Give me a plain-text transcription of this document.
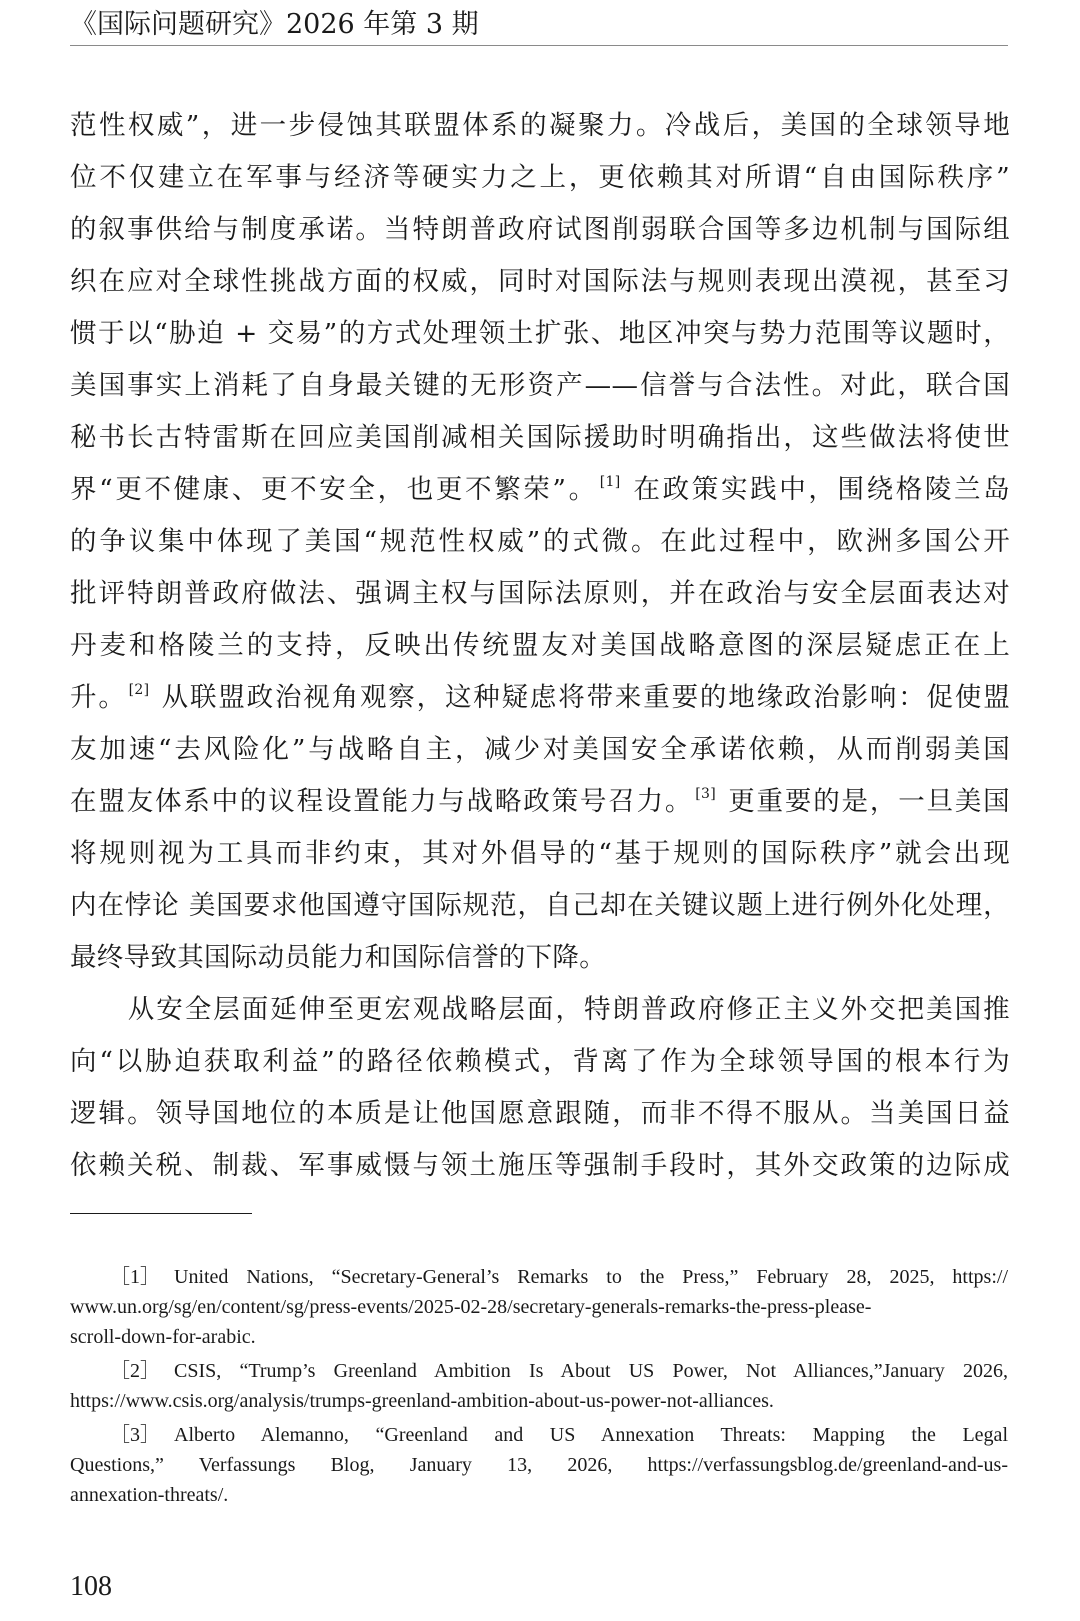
《国际问题研究》2026 年第 3 期
范性权威”，进一步侵蚀其联盟体系的凝聚力。冷战后，美国的全球领导地
位不仅建立在军事与经济等硬实力之上，更依赖其对所谓“自由国际秩序”
的叙事供给与制度承诺。当特朗普政府试图削弱联合国等多边机制与国际组
织在应对全球性挑战方面的权威，同时对国际法与规则表现出漠视，甚至习
惯于以“胁迫 + 交易”的方式处理领土扩张、地区冲突与势力范围等议题时，
美国事实上消耗了自身最关键的无形资产——信誉与合法性。对此，联合国
秘书长古特雷斯在回应美国削减相关国际援助时明确指出，这些做法将使世
界“更不健康、更不安全，也更不繁荣”。 [1] 在政策实践中，围绕格陵兰岛
的争议集中体现了美国“规范性权威”的式微。在此过程中，欧洲多国公开
批评特朗普政府做法、强调主权与国际法原则，并在政治与安全层面表达对
丹麦和格陵兰的支持，反映出传统盟友对美国战略意图的深层疑虑正在上
升。 [2] 从联盟政治视角观察，这种疑虑将带来重要的地缘政治影响：促使盟
友加速“去风险化”与战略自主，减少对美国安全承诺依赖，从而削弱美国
在盟友体系中的议程设置能力与战略政策号召力。 [3] 更重要的是，一旦美国
将规则视为工具而非约束，其对外倡导的“基于规则的国际秩序”就会出现
内在悖论 美国要求他国遵守国际规范，自己却在关键议题上进行例外化处理，
最终导致其国际动员能力和国际信誉的下降。
从安全层面延伸至更宏观战略层面，特朗普政府修正主义外交把美国推
向“以胁迫获取利益”的路径依赖模式，背离了作为全球领导国的根本行为
逻辑。领导国地位的本质是让他国愿意跟随，而非不得不服从。当美国日益
依赖关税、制裁、军事威慑与领土施压等强制手段时，其外交政策的边际成
［1］ United Nations, “Secretary-General’s Remarks to the Press,” February 28, 2025, https://
www.un.org/sg/en/content/sg/press-events/2025-02-28/secretary-generals-remarks-the-press-please-
scroll-down-for-arabic.
［2］ CSIS, “Trump’s Greenland Ambition Is About US Power, Not Alliances,”January 2026,
https://www.csis.org/analysis/trumps-greenland-ambition-about-us-power-not-alliances.
［3］ Alberto Alemanno, “Greenland and US Annexation Threats: Mapping the Legal
Questions,” Verfassungs Blog, January 13, 2026, https://verfassungsblog.de/greenland-and-us-
annexation-threats/.
108
